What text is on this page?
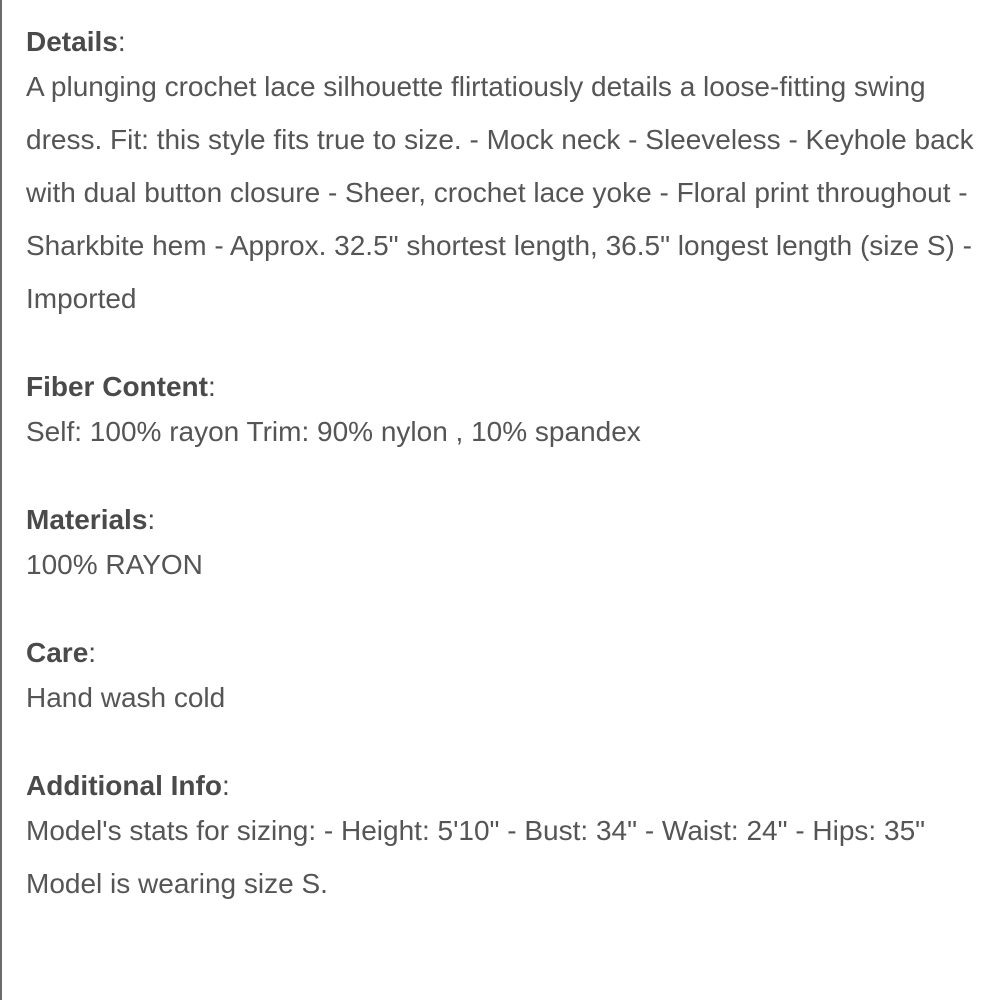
Details:

A plunging crochet lace silhouette flirtatiously details a loose-fitting swing dress. Fit: this style fits true to size. - Mock neck - Sleeveless - Keyhole back with dual button closure - Sheer, crochet lace yoke - Floral print throughout - Sharkbite hem - Approx. 32.5" shortest length, 36.5" longest length (size S) - Imported

Fiber Content:

Self: 100% rayon Trim: 90% nylon , 10% spandex

Materials:

100% RAYON

Care:

Hand wash cold

Additional Info:

Model's stats for sizing: - Height: 5'10" - Bust: 34" - Waist: 24" - Hips: 35" Model is wearing size S.
